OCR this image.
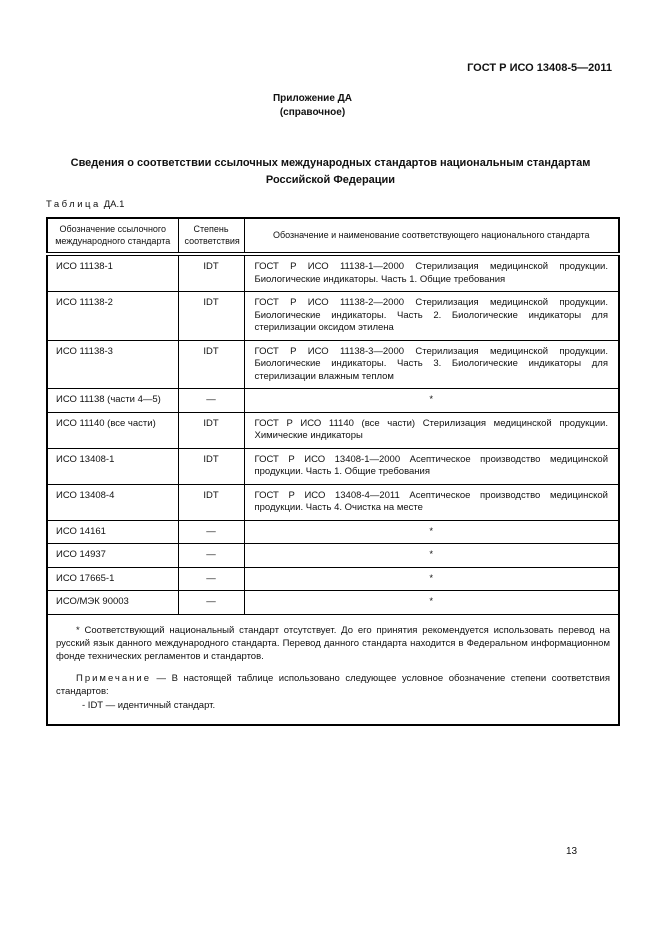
ГОСТ Р ИСО 13408-5—2011
Приложение ДА
(справочное)
Сведения о соответствии ссылочных международных стандартов национальным стандартам Российской Федерации
Таблица ДА.1
Обозначение ссылочного международного стандарта	Степень соответствия	Обозначение и наименование соответствующего национального стандарта
ИСО 11138-1	IDT	ГОСТ Р ИСО 11138-1—2000 Стерилизация медицинской продукции. Биологические индикаторы. Часть 1. Общие требования
ИСО 11138-2	IDT	ГОСТ Р ИСО 11138-2—2000 Стерилизация медицинской продукции. Биологические индикаторы. Часть 2. Биологические индикаторы для стерилизации оксидом этилена
ИСО 11138-3	IDT	ГОСТ Р ИСО 11138-3—2000 Стерилизация медицинской продукции. Биологические индикаторы. Часть 3. Биологические индикаторы для стерилизации влажным теплом
ИСО 11138 (части 4—5)	—	*
ИСО 11140 (все части)	IDT	ГОСТ Р ИСО 11140 (все части) Стерилизация медицинской продукции. Химические индикаторы
ИСО 13408-1	IDT	ГОСТ Р ИСО 13408-1—2000 Асептическое производство медицинской продукции. Часть 1. Общие требования
ИСО 13408-4	IDT	ГОСТ Р ИСО 13408-4—2011 Асептическое производство медицинской продукции. Часть 4. Очистка на месте
ИСО 14161	—	*
ИСО 14937	—	*
ИСО 17665-1	—	*
ИСО/МЭК 90003	—	*

* Соответствующий национальный стандарт отсутствует. До его принятия рекомендуется использовать перевод на русский язык данного международного стандарта. Перевод данного стандарта находится в Федеральном информационном фонде технических регламентов и стандартов.

Примечание — В настоящей таблице использовано следующее условное обозначение степени соответствия стандартов:

- IDT — идентичный стандарт.		

13
